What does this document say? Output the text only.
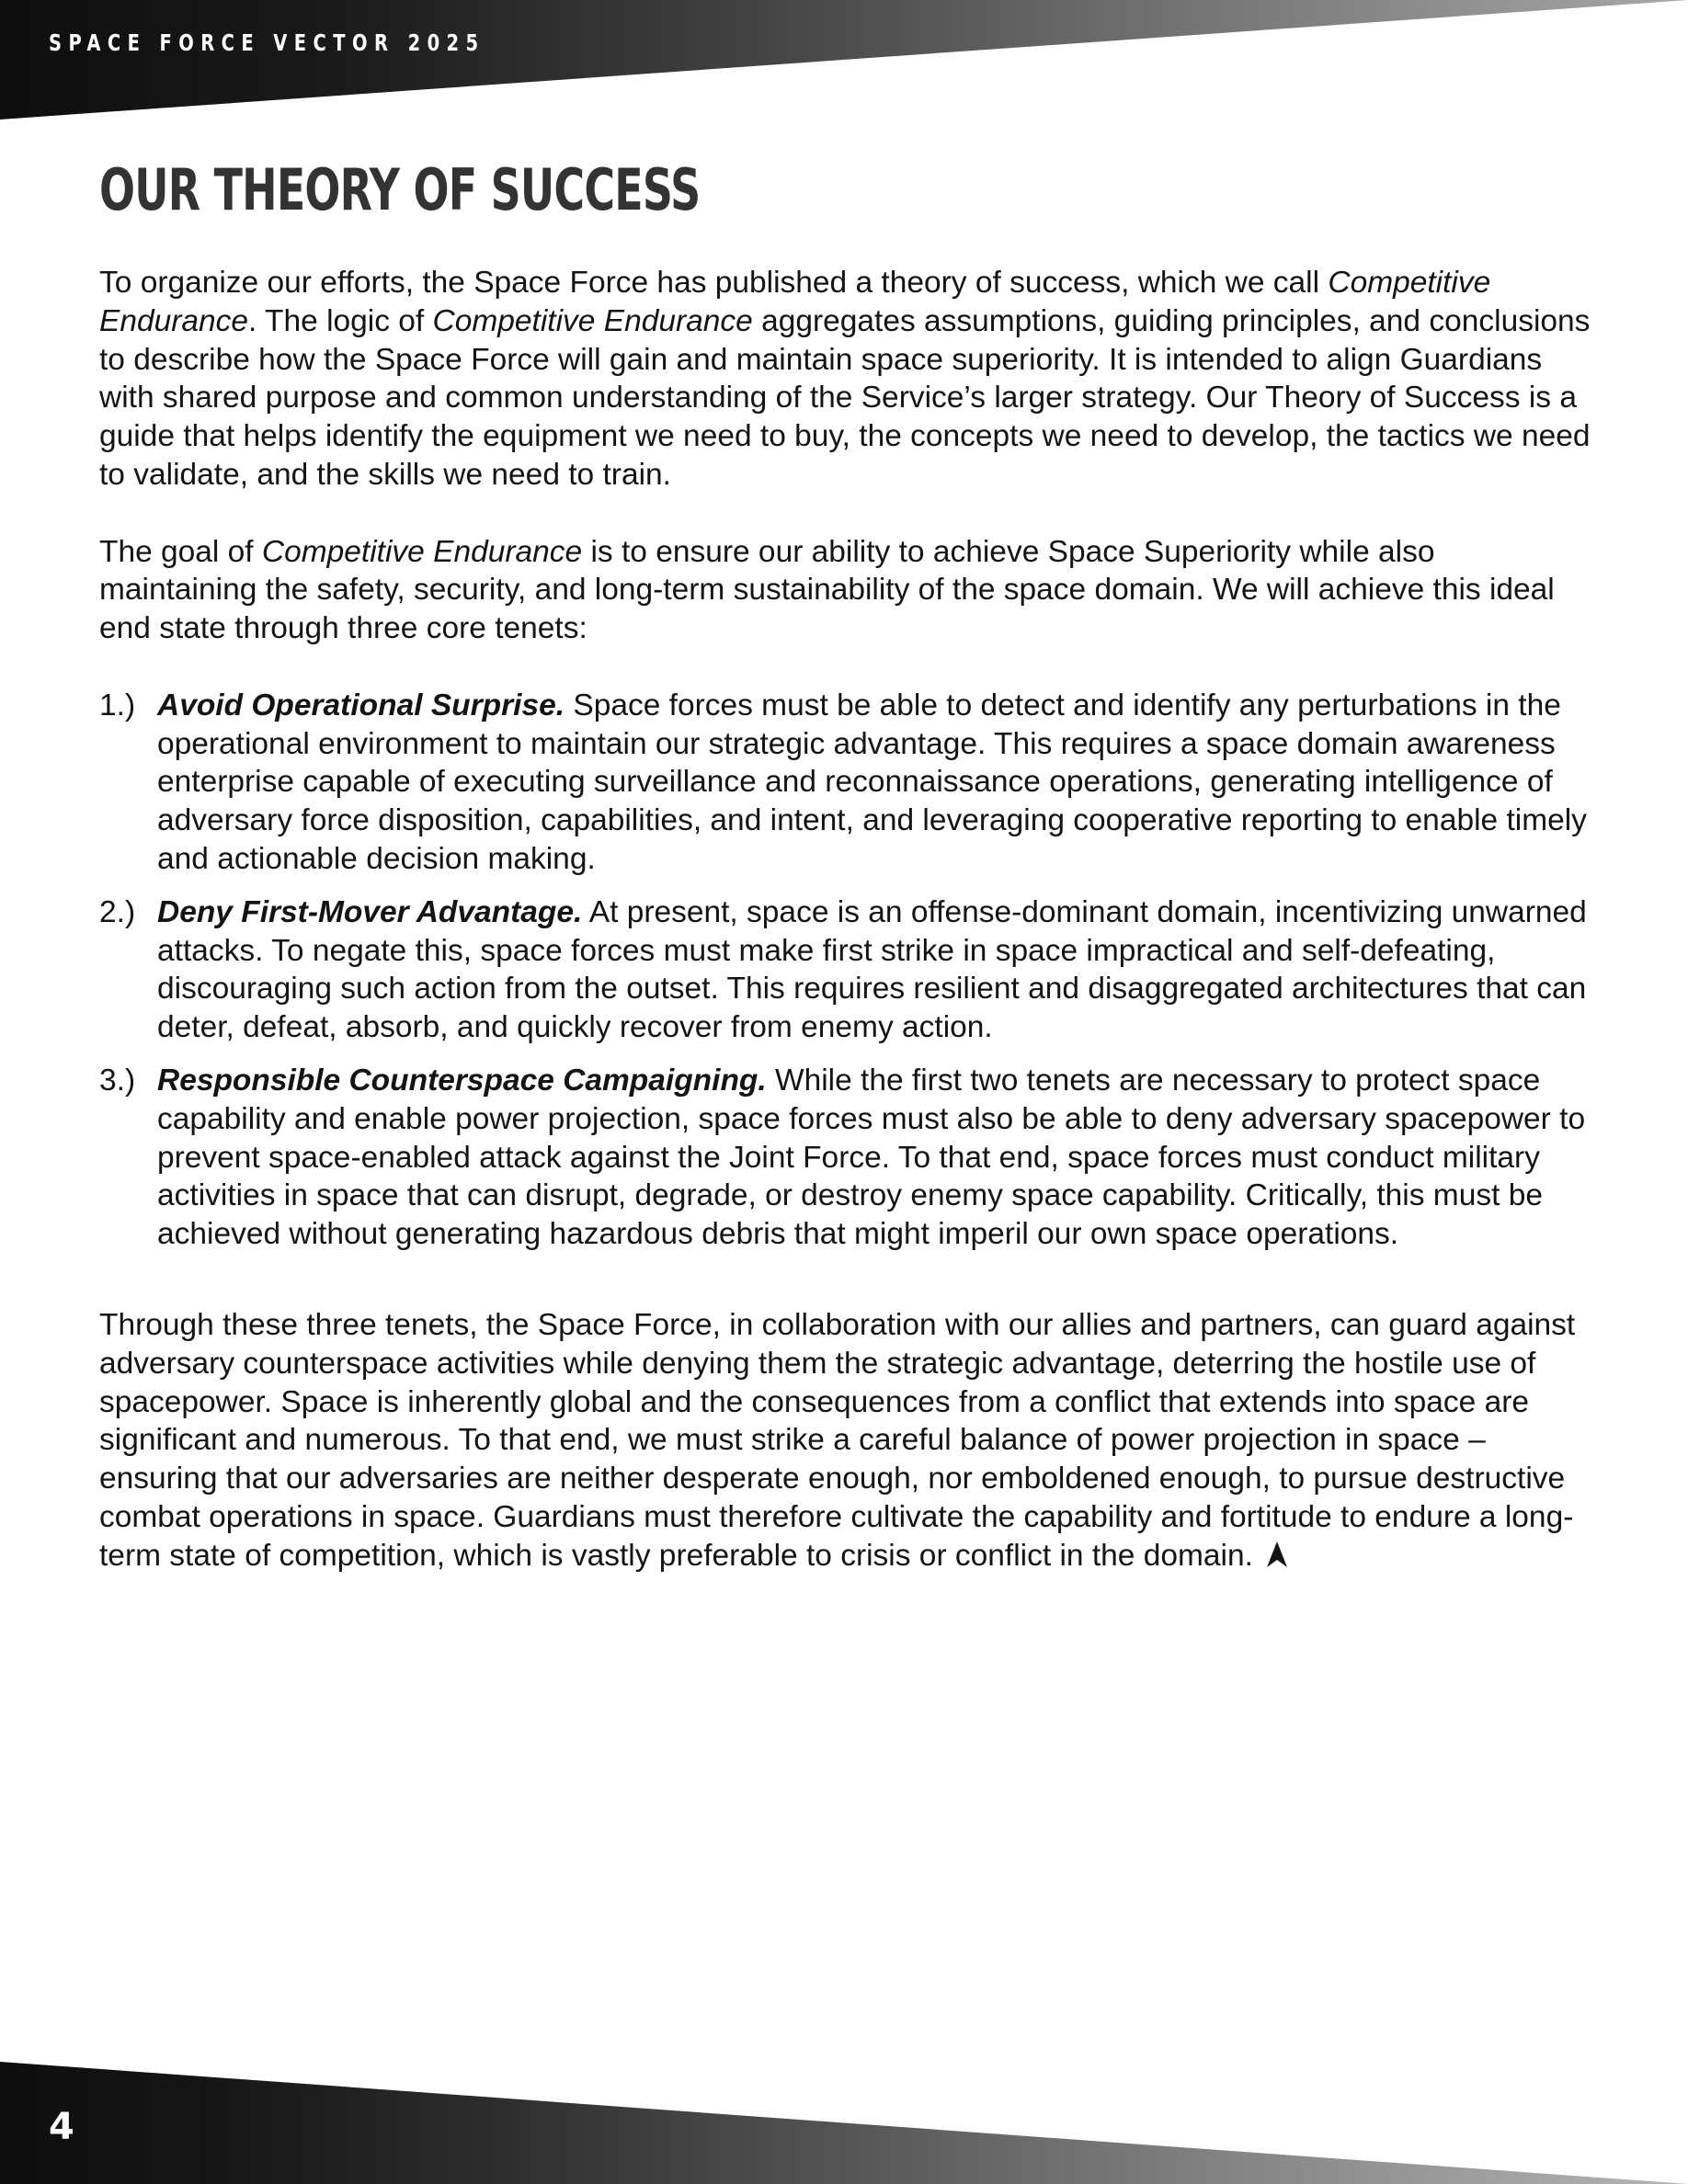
SPACE FORCE VECTOR 2025
OUR THEORY OF SUCCESS

To organize our efforts, the Space Force has published a theory of success, which we call Competitive Endurance. The logic of Competitive Endurance aggregates assumptions, guiding principles, and conclusions to describe how the Space Force will gain and maintain space superiority. It is intended to align Guardians with shared purpose and common understanding of the Service’s larger strategy. Our Theory of Success is a guide that helps identify the equipment we need to buy, the concepts we need to develop, the tactics we need to validate, and the skills we need to train.

The goal of Competitive Endurance is to ensure our ability to achieve Space Superiority while also maintaining the safety, security, and long-term sustainability of the space domain. We will achieve this ideal end state through three core tenets:

1.) Avoid Operational Surprise. Space forces must be able to detect and identify any perturbations in the operational environment to maintain our strategic advantage. This requires a space domain awareness enterprise capable of executing surveillance and reconnaissance operations, generating intelligence of adversary force disposition, capabilities, and intent, and leveraging cooperative reporting to enable timely and actionable decision making.
2.) Deny First-Mover Advantage. At present, space is an offense-dominant domain, incentivizing unwarned attacks. To negate this, space forces must make first strike in space impractical and self-defeating, discouraging such action from the outset. This requires resilient and disaggregated architectures that can deter, defeat, absorb, and quickly recover from enemy action.
3.) Responsible Counterspace Campaigning. While the first two tenets are necessary to protect space capability and enable power projection, space forces must also be able to deny adversary spacepower to prevent space-enabled attack against the Joint Force. To that end, space forces must conduct military activities in space that can disrupt, degrade, or destroy enemy space capability. Critically, this must be achieved without generating hazardous debris that might imperil our own space operations.

Through these three tenets, the Space Force, in collaboration with our allies and partners, can guard against adversary counterspace activities while denying them the strategic advantage, deterring the hostile use of spacepower. Space is inherently global and the consequences from a conflict that extends into space are significant and numerous. To that end, we must strike a careful balance of power projection in space – ensuring that our adversaries are neither desperate enough, nor emboldened enough, to pursue destructive combat operations in space. Guardians must therefore cultivate the capability and fortitude to endure a long-term state of competition, which is vastly preferable to crisis or conflict in the domain.

4
